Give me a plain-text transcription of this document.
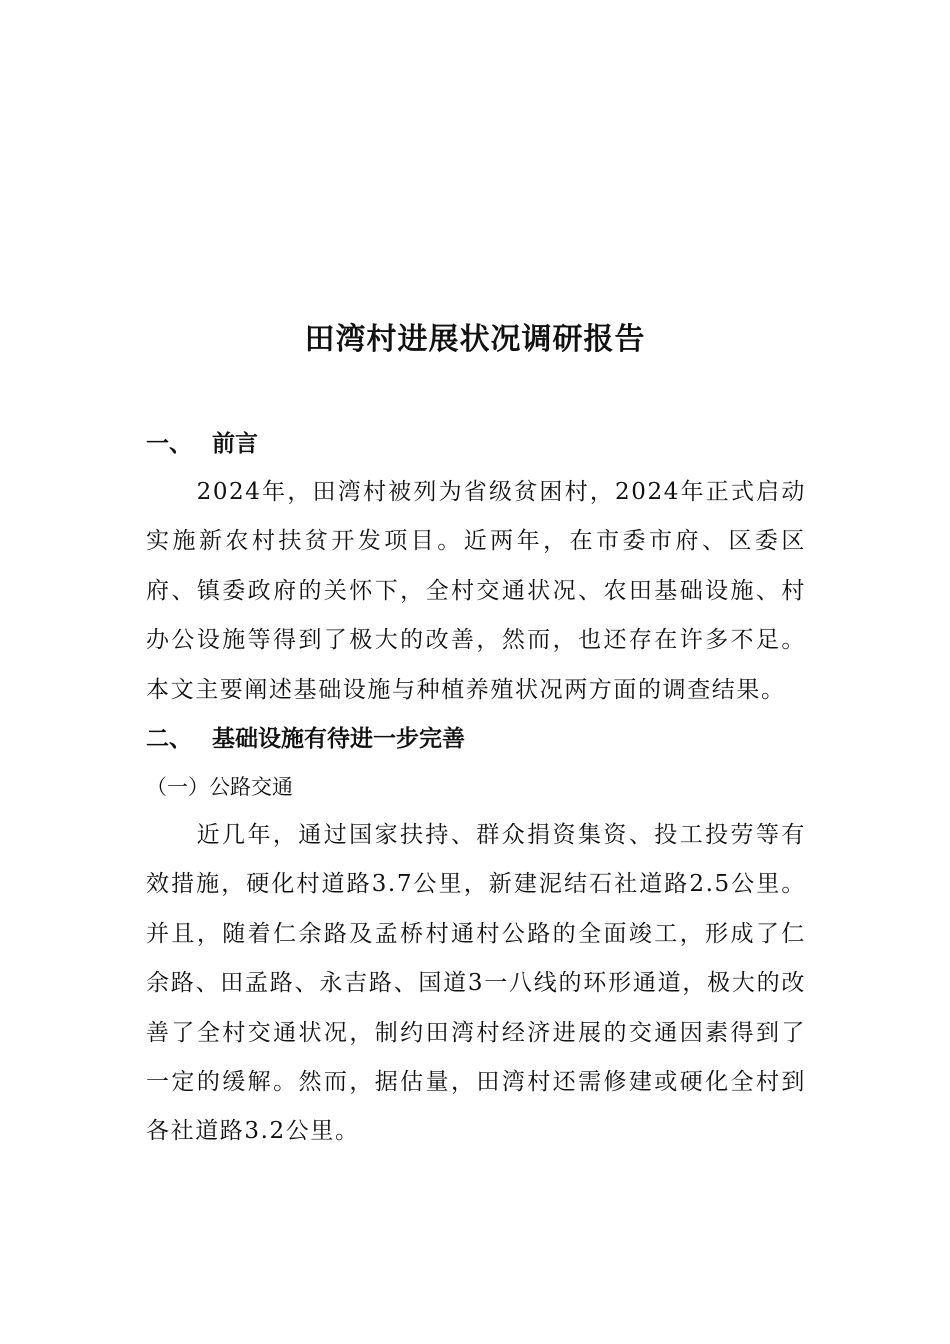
田湾村进展状况调研报告
一、 前言

2024年，田湾村被列为省级贫困村，2024年正式启动实施新农村扶贫开发项目。近两年，在市委市府、区委区府、镇委政府的关怀下，全村交通状况、农田基础设施、村办公设施等得到了极大的改善，然而，也还存在许多不足。本文主要阐述基础设施与种植养殖状况两方面的调查结果。

二、 基础设施有待进一步完善
（一）公路交通

近几年，通过国家扶持、群众捐资集资、投工投劳等有效措施，硬化村道路3.7公里，新建泥结石社道路2.5公里。并且，随着仁余路及孟桥村通村公路的全面竣工，形成了仁余路、田孟路、永吉路、国道3一八线的环形通道，极大的改善了全村交通状况，制约田湾村经济进展的交通因素得到了一定的缓解。然而，据估量，田湾村还需修建或硬化全村到各社道路3.2公里。
